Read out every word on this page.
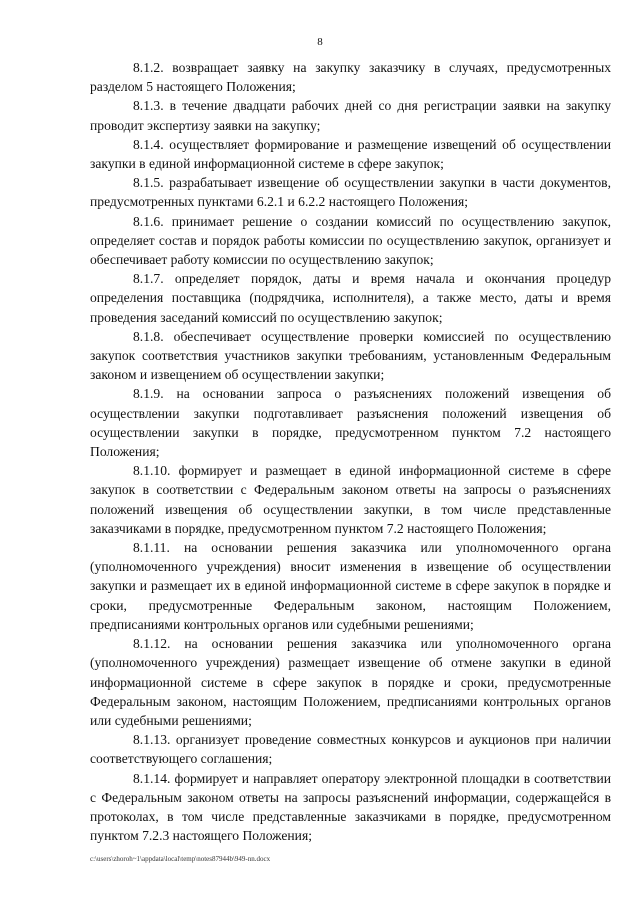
8

8.1.2. возвращает заявку на закупку заказчику в случаях, предусмотренных разделом 5 настоящего Положения;

8.1.3. в течение двадцати рабочих дней со дня регистрации заявки на закупку проводит экспертизу заявки на закупку;

8.1.4. осуществляет формирование и размещение извещений об осуществлении закупки в единой информационной системе в сфере закупок;

8.1.5. разрабатывает извещение об осуществлении закупки в части документов, предусмотренных пунктами 6.2.1 и 6.2.2 настоящего Положения;

8.1.6. принимает решение о создании комиссий по осуществлению закупок, определяет состав и порядок работы комиссии по осуществлению закупок, организует и обеспечивает работу комиссии по осуществлению закупок;

8.1.7. определяет порядок, даты и время начала и окончания процедур определения поставщика (подрядчика, исполнителя), а также место, даты и время проведения заседаний комиссий по осуществлению закупок;

8.1.8. обеспечивает осуществление проверки комиссией по осуществлению закупок соответствия участников закупки требованиям, установленным Федеральным законом и извещением об осуществлении закупки;

8.1.9. на основании запроса о разъяснениях положений извещения об осуществлении закупки подготавливает разъяснения положений извещения об осуществлении закупки в порядке, предусмотренном пунктом 7.2 настоящего Положения;

8.1.10. формирует и размещает в единой информационной системе в сфере закупок в соответствии с Федеральным законом ответы на запросы о разъяснениях положений извещения об осуществлении закупки, в том числе представленные заказчиками в порядке, предусмотренном пунктом 7.2 настоящего Положения;

8.1.11. на основании решения заказчика или уполномоченного органа (уполномоченного учреждения) вносит изменения в извещение об осуществлении закупки и размещает их в единой информационной системе в сфере закупок в порядке и сроки, предусмотренные Федеральным законом, настоящим Положением, предписаниями контрольных органов или судебными решениями;

8.1.12. на основании решения заказчика или уполномоченного органа (уполномоченного учреждения) размещает извещение об отмене закупки в единой информационной системе в сфере закупок в порядке и сроки, предусмотренные Федеральным законом, настоящим Положением, предписаниями контрольных органов или судебными решениями;

8.1.13. организует проведение совместных конкурсов и аукционов при наличии соответствующего соглашения;

8.1.14. формирует и направляет оператору электронной площадки в соответствии с Федеральным законом ответы на запросы разъяснений информации, содержащейся в протоколах, в том числе представленные заказчиками в порядке, предусмотренном пунктом 7.2.3 настоящего Положения;

c:\users\zhoroh~1\appdata\local\temp\notes87944b\949-nn.docx
